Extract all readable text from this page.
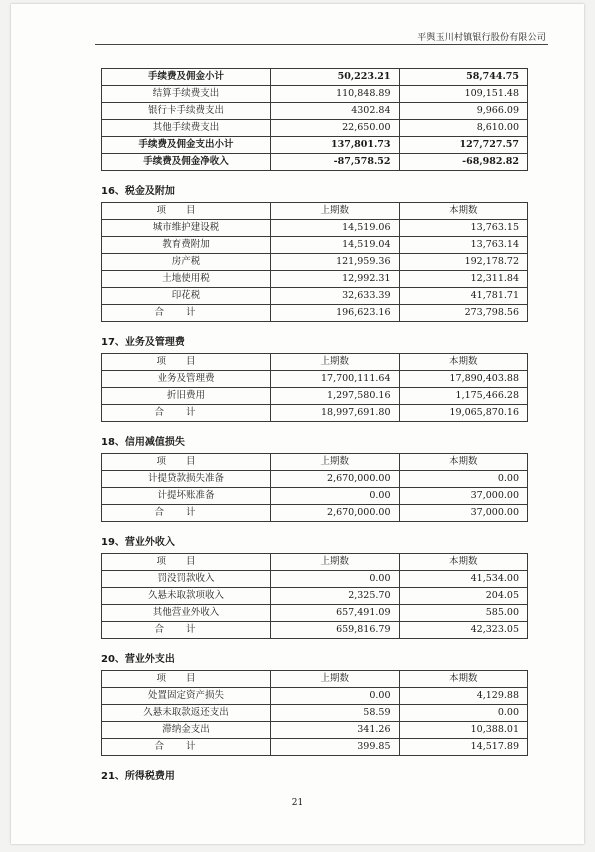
平舆玉川村镇银行股份有限公司
手续费及佣金小计	50,223.21	58,744.75
结算手续费支出	110,848.89	109,151.48
银行卡手续费支出	4302.84	9,966.09
其他手续费支出	22,650.00	8,610.00
手续费及佣金支出小计	137,801.73	127,727.57
手续费及佣金净收入	-87,578.52	-68,982.82
16、税金及附加
项目	上期数	本期数
城市维护建设税	14,519.06	13,763.15
教育费附加	14,519.04	13,763.14
房产税	121,959.36	192,178.72
土地使用税	12,992.31	12,311.84
印花税	32,633.39	41,781.71
合计	196,623.16	273,798.56
17、业务及管理费
项目	上期数	本期数
业务及管理费	17,700,111.64	17,890,403.88
折旧费用	1,297,580.16	1,175,466.28
合计	18,997,691.80	19,065,870.16
18、信用减值损失
项目	上期数	本期数
计提贷款损失准备	2,670,000.00	0.00
计提坏账准备	0.00	37,000.00
合计	2,670,000.00	37,000.00
19、营业外收入
项目	上期数	本期数
罚没罚款收入	0.00	41,534.00
久悬未取款项收入	2,325.70	204.05
其他营业外收入	657,491.09	585.00
合计	659,816.79	42,323.05
20、营业外支出
项目	上期数	本期数
处置固定资产损失	0.00	4,129.88
久悬未取款返还支出	58.59	0.00
滞纳金支出	341.26	10,388.01
合计	399.85	14,517.89
21、所得税费用
21
